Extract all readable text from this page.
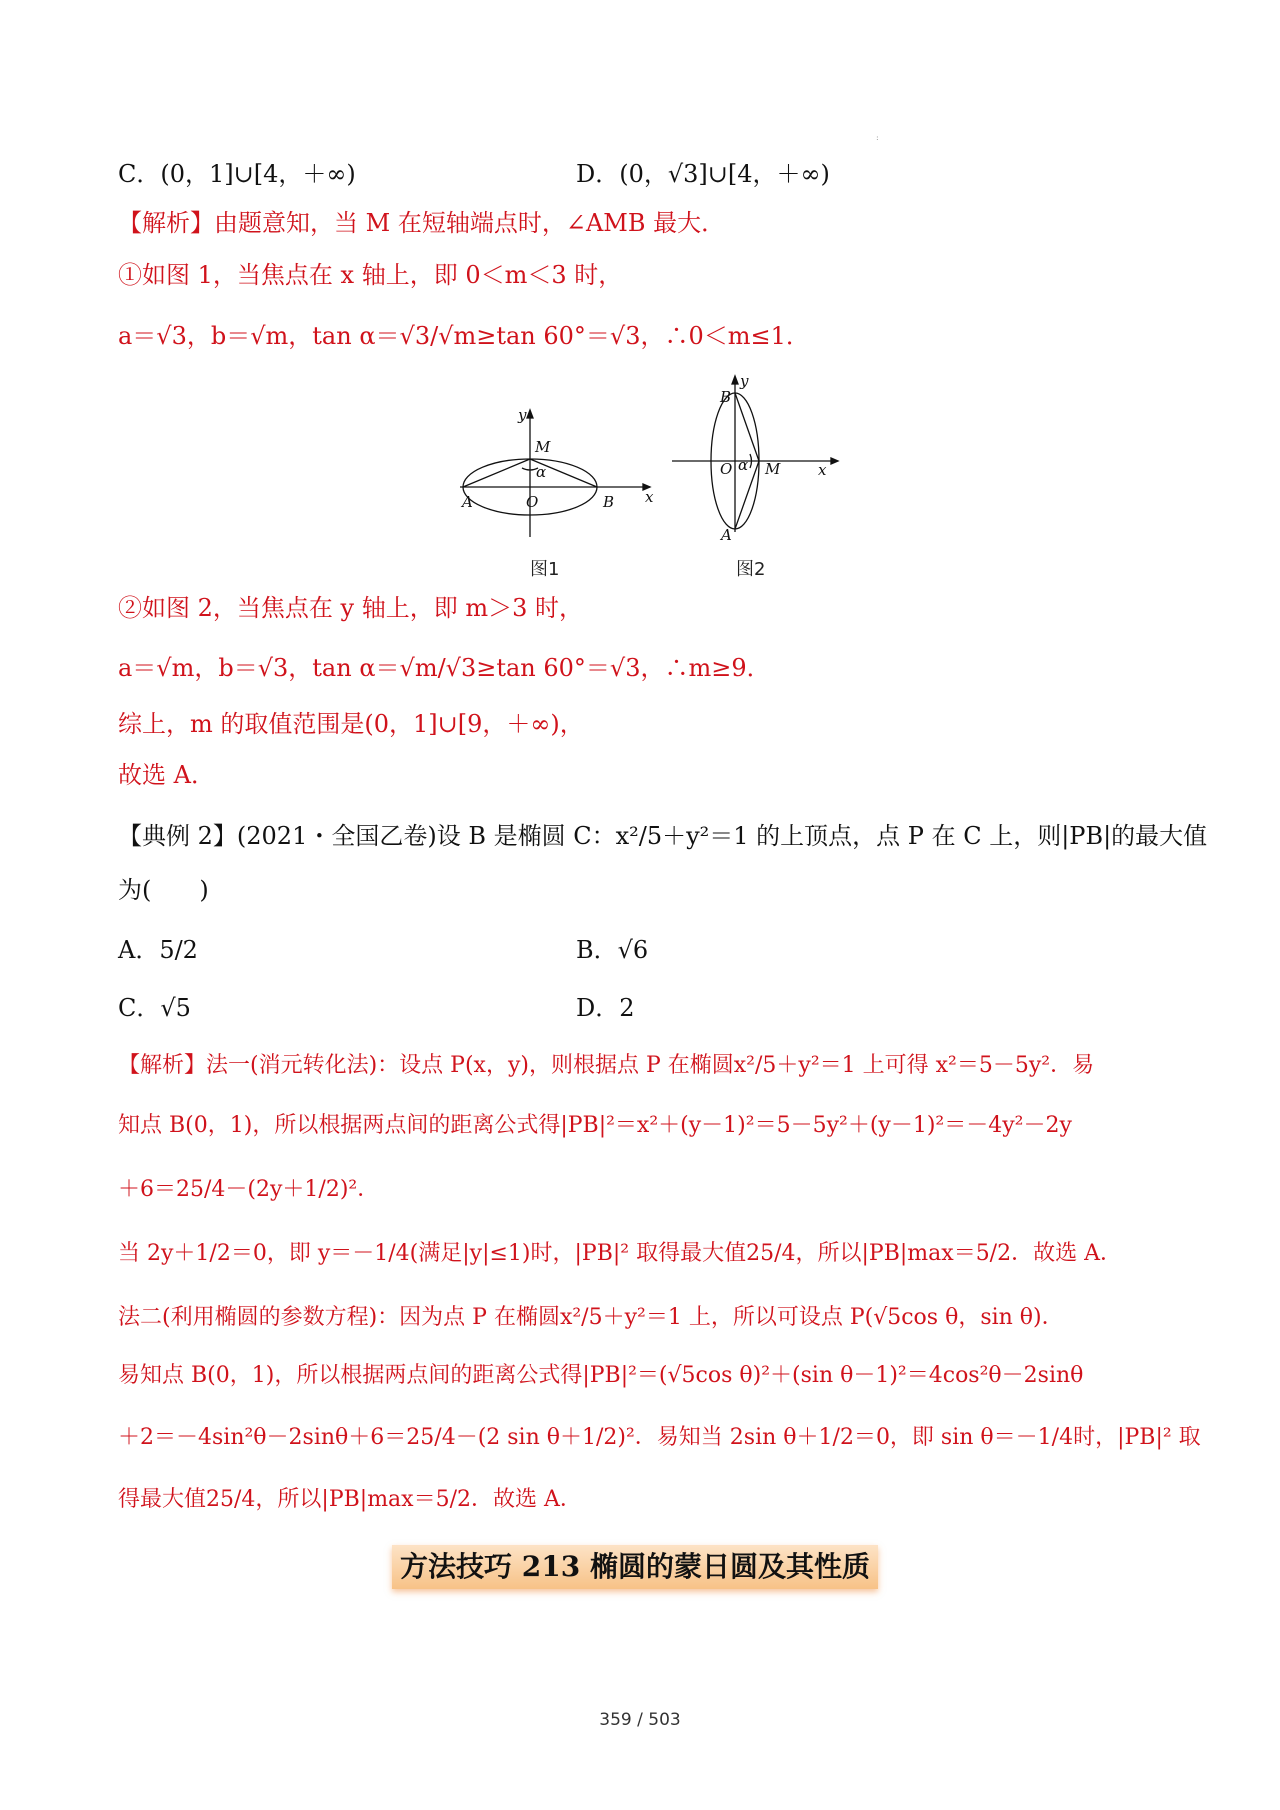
:
C．(0，1]∪[4，＋∞)	D．(0，√3]∪[4，＋∞)
【解析】由题意知，当 M 在短轴端点时，∠AMB 最大．
①如图 1，当焦点在 x 轴上，即 0＜m＜3 时，
a＝√3，b＝√m，tan α＝√3/√m≥tan 60°＝√3，∴0＜m≤1．
y
M
α
A	O	B x
y
B
O α M	x
A
图1	图2
②如图 2，当焦点在 y 轴上，即 m＞3 时，
a＝√m，b＝√3，tan α＝√m/√3≥tan 60°＝√3，∴m≥9．
综上，m 的取值范围是(0，1]∪[9，＋∞)，
故选 A．
【典例 2】(2021・全国乙卷)设 B 是椭圆 C：x²/5＋y²＝1 的上顶点，点 P 在 C 上，则|PB|的最大值
为(　　)
A．5/2	B．√6
C．√5	D．2
【解析】法一(消元转化法)：设点 P(x，y)，则根据点 P 在椭圆x²/5＋y²＝1 上可得 x²＝5－5y²．易
知点 B(0，1)，所以根据两点间的距离公式得|PB|²＝x²＋(y－1)²＝5－5y²＋(y－1)²＝－4y²－2y
＋6＝25/4－(2y＋1/2)²．
当 2y＋1/2＝0，即 y＝－1/4(满足|y|≤1)时，|PB|² 取得最大值25/4，所以|PB|max＝5/2．故选 A．
法二(利用椭圆的参数方程)：因为点 P 在椭圆x²/5＋y²＝1 上，所以可设点 P(√5cos θ，sin θ)．
易知点 B(0，1)，所以根据两点间的距离公式得|PB|²＝(√5cos θ)²＋(sin θ－1)²＝4cos²θ－2sinθ
＋2＝－4sin²θ－2sinθ＋6＝25/4－(2 sin θ＋1/2)²．易知当 2sin θ＋1/2＝0，即 sin θ＝－1/4时，|PB|² 取
得最大值25/4，所以|PB|max＝5/2．故选 A．
方法技巧 213 椭圆的蒙日圆及其性质
359 / 503
